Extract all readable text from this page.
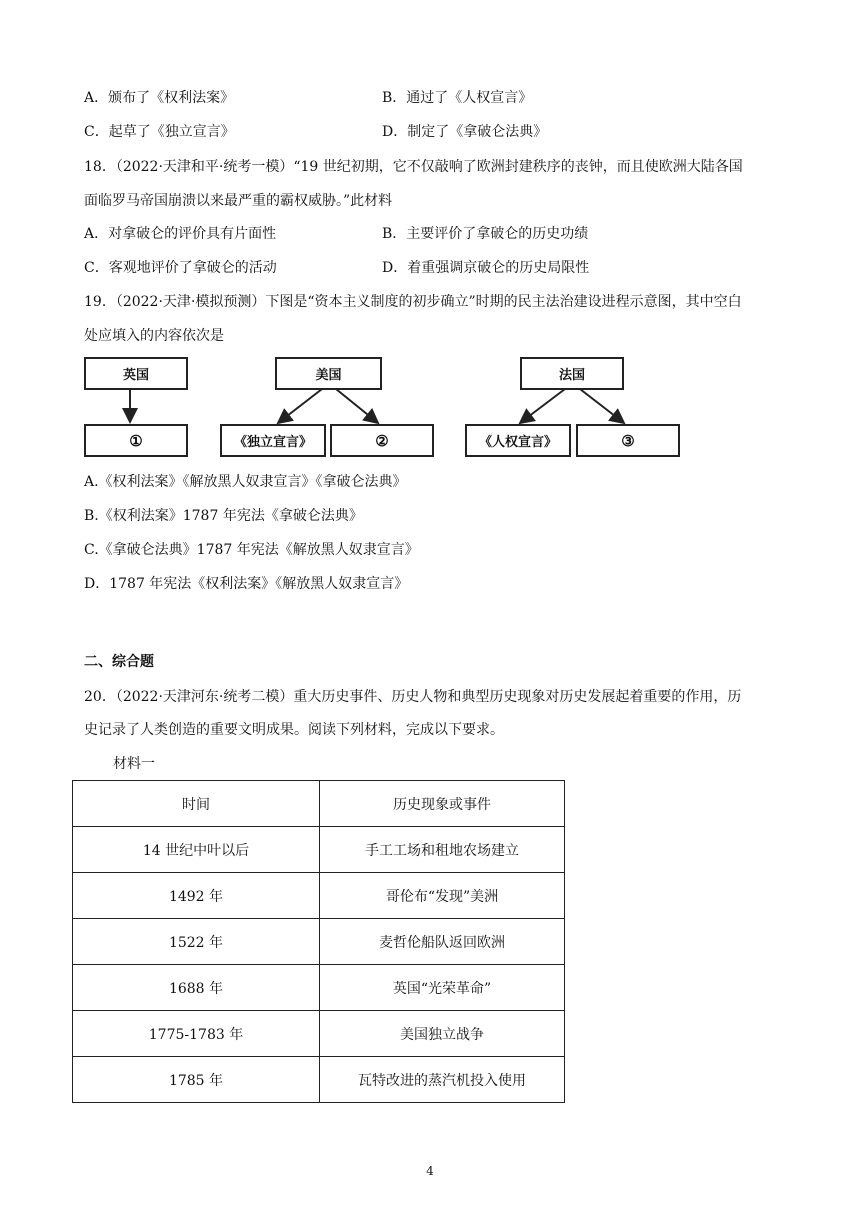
A．颁布了《权利法案》	B．通过了《人权宣言》
C．起草了《独立宣言》	D．制定了《拿破仑法典》
18．（2022·天津和平·统考一模）“19 世纪初期，它不仅敲响了欧洲封建秩序的丧钟，而且使欧洲大陆各国
面临罗马帝国崩溃以来最严重的霸权威胁。”此材料
A．对拿破仑的评价具有片面性	B．主要评价了拿破仑的历史功绩
C．客观地评价了拿破仑的活动	D．着重强调京破仑的历史局限性
19．（2022·天津·模拟预测）下图是“资本主义制度的初步确立”时期的民主法治建设进程示意图，其中空白
处应填入的内容依次是
英国
①
美国
《独立宣言》	②
法国
《人权宣言》	③
A.《权利法案》《解放黑人奴隶宣言》《拿破仑法典》
B.《权利法案》1787 年宪法《拿破仑法典》
C.《拿破仑法典》1787 年宪法《解放黑人奴隶宣言》
D．1787 年宪法《权利法案》《解放黑人奴隶宣言》
二、综合题
20．（2022·天津河东·统考二模）重大历史事件、历史人物和典型历史现象对历史发展起着重要的作用，历
史记录了人类创造的重要文明成果。阅读下列材料，完成以下要求。
材料一
时间	历史现象或事件
14 世纪中叶以后	手工工场和租地农场建立
1492 年	哥伦布“发现”美洲
1522 年	麦哲伦船队返回欧洲
1688 年	英国“光荣革命”
1775-1783 年	美国独立战争
1785 年	瓦特改进的蒸汽机投入使用
4
